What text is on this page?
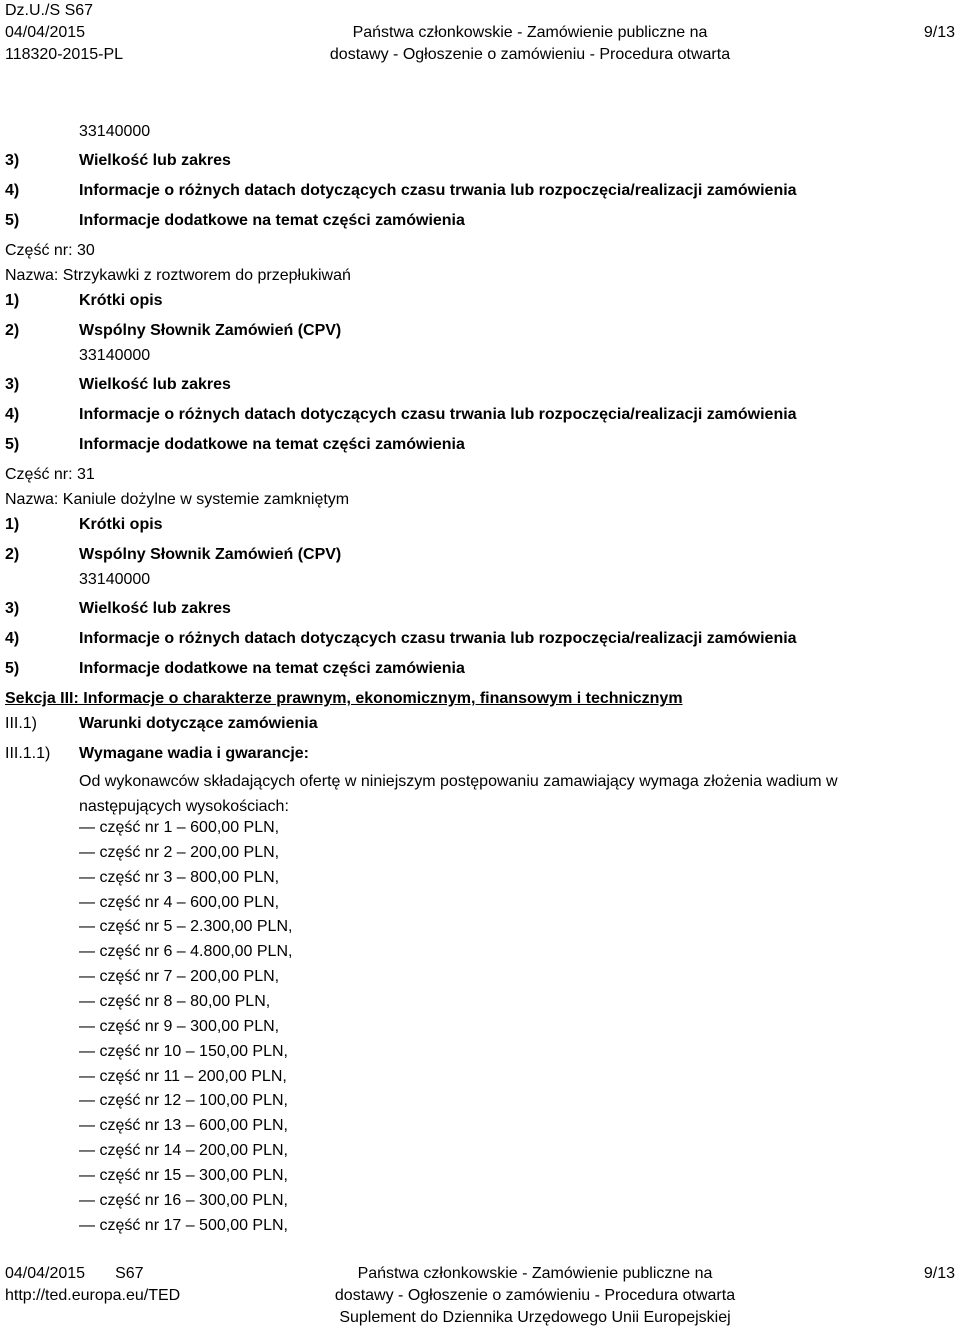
Dz.U./S S67
04/04/2015
118320-2015-PL
Państwa członkowskie - Zamówienie publiczne na
dostawy - Ogłoszenie o zamówieniu - Procedura otwarta
9/13
33140000
3)	Wielkość lub zakres
4)	Informacje o różnych datach dotyczących czasu trwania lub rozpoczęcia/realizacji zamówienia
5)	Informacje dodatkowe na temat części zamówienia
Część nr: 30
Nazwa: Strzykawki z roztworem do przepłukiwań
1)	Krótki opis
2)	Wspólny Słownik Zamówień (CPV)
33140000
3)	Wielkość lub zakres
4)	Informacje o różnych datach dotyczących czasu trwania lub rozpoczęcia/realizacji zamówienia
5)	Informacje dodatkowe na temat części zamówienia
Część nr: 31
Nazwa: Kaniule dożylne w systemie zamkniętym
1)	Krótki opis
2)	Wspólny Słownik Zamówień (CPV)
33140000
3)	Wielkość lub zakres
4)	Informacje o różnych datach dotyczących czasu trwania lub rozpoczęcia/realizacji zamówienia
5)	Informacje dodatkowe na temat części zamówienia
Sekcja III: Informacje o charakterze prawnym, ekonomicznym, finansowym i technicznym
III.1)	Warunki dotyczące zamówienia
III.1.1) Wymagane wadia i gwarancje:
Od wykonawców składających ofertę w niniejszym postępowaniu zamawiający wymaga złożenia wadium w następujących wysokościach:
— część nr 1 – 600,00 PLN,
— część nr 2 – 200,00 PLN,
— część nr 3 – 800,00 PLN,
— część nr 4 – 600,00 PLN,
— część nr 5 – 2.300,00 PLN,
— część nr 6 – 4.800,00 PLN,
— część nr 7 – 200,00 PLN,
— część nr 8 – 80,00 PLN,
— część nr 9 – 300,00 PLN,
— część nr 10 – 150,00 PLN,
— część nr 11 – 200,00 PLN,
— część nr 12 – 100,00 PLN,
— część nr 13 – 600,00 PLN,
— część nr 14 – 200,00 PLN,
— część nr 15 – 300,00 PLN,
— część nr 16 – 300,00 PLN,
— część nr 17 – 500,00 PLN,
04/04/2015 S67
http://ted.europa.eu/TED
Państwa członkowskie - Zamówienie publiczne na
dostawy - Ogłoszenie o zamówieniu - Procedura otwarta
Suplement do Dziennika Urzędowego Unii Europejskiej
9/13
